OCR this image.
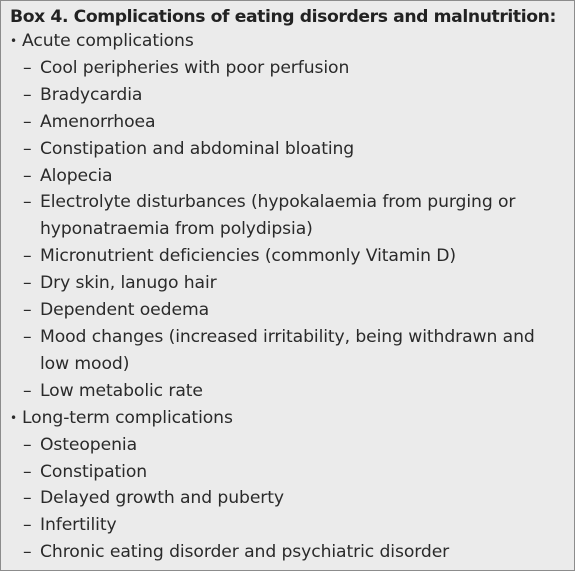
Box 4. Complications of eating disorders and malnutrition:
• Acute complications
– Cool peripheries with poor perfusion
– Bradycardia
– Amenorrhoea
– Constipation and abdominal bloating
– Alopecia
– Electrolyte disturbances (hypokalaemia from purging or hyponatraemia from polydipsia)
– Micronutrient deficiencies (commonly Vitamin D)
– Dry skin, lanugo hair
– Dependent oedema
– Mood changes (increased irritability, being withdrawn and low mood)
– Low metabolic rate
• Long-term complications
– Osteopenia
– Constipation
– Delayed growth and puberty
– Infertility
– Chronic eating disorder and psychiatric disorder
